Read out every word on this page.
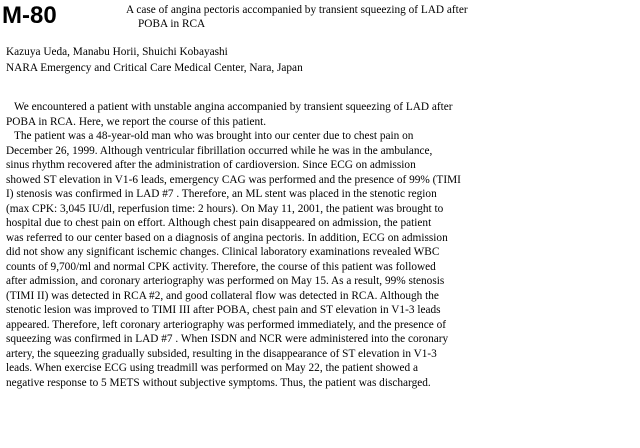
M-80	A case of angina pectoris accompanied by transient squeezing of LAD after
POBA in RCA
Kazuya Ueda, Manabu Horii, Shuichi Kobayashi
NARA Emergency and Critical Care Medical Center, Nara, Japan
We encountered a patient with unstable angina accompanied by transient squeezing of LAD after
POBA in RCA. Here, we report the course of this patient.
The patient was a 48-year-old man who was brought into our center due to chest pain on
December 26, 1999. Although ventricular fibrillation occurred while he was in the ambulance,
sinus rhythm recovered after the administration of cardioversion. Since ECG on admission
showed ST elevation in V1-6 leads, emergency CAG was performed and the presence of 99% (TIMI
I) stenosis was confirmed in LAD #7 . Therefore, an ML stent was placed in the stenotic region
(max CPK: 3,045 IU/dl, reperfusion time: 2 hours). On May 11, 2001, the patient was brought to
hospital due to chest pain on effort. Although chest pain disappeared on admission, the patient
was referred to our center based on a diagnosis of angina pectoris. In addition, ECG on admission
did not show any significant ischemic changes. Clinical laboratory examinations revealed WBC
counts of 9,700/ml and normal CPK activity. Therefore, the course of this patient was followed
after admission, and coronary arteriography was performed on May 15. As a result, 99% stenosis
(TIMI II) was detected in RCA #2, and good collateral flow was detected in RCA. Although the
stenotic lesion was improved to TIMI III after POBA, chest pain and ST elevation in V1-3 leads
appeared. Therefore, left coronary arteriography was performed immediately, and the presence of
squeezing was confirmed in LAD #7 . When ISDN and NCR were administered into the coronary
artery, the squeezing gradually subsided, resulting in the disappearance of ST elevation in V1-3
leads. When exercise ECG using treadmill was performed on May 22, the patient showed a
negative response to 5 METS without subjective symptoms. Thus, the patient was discharged.
